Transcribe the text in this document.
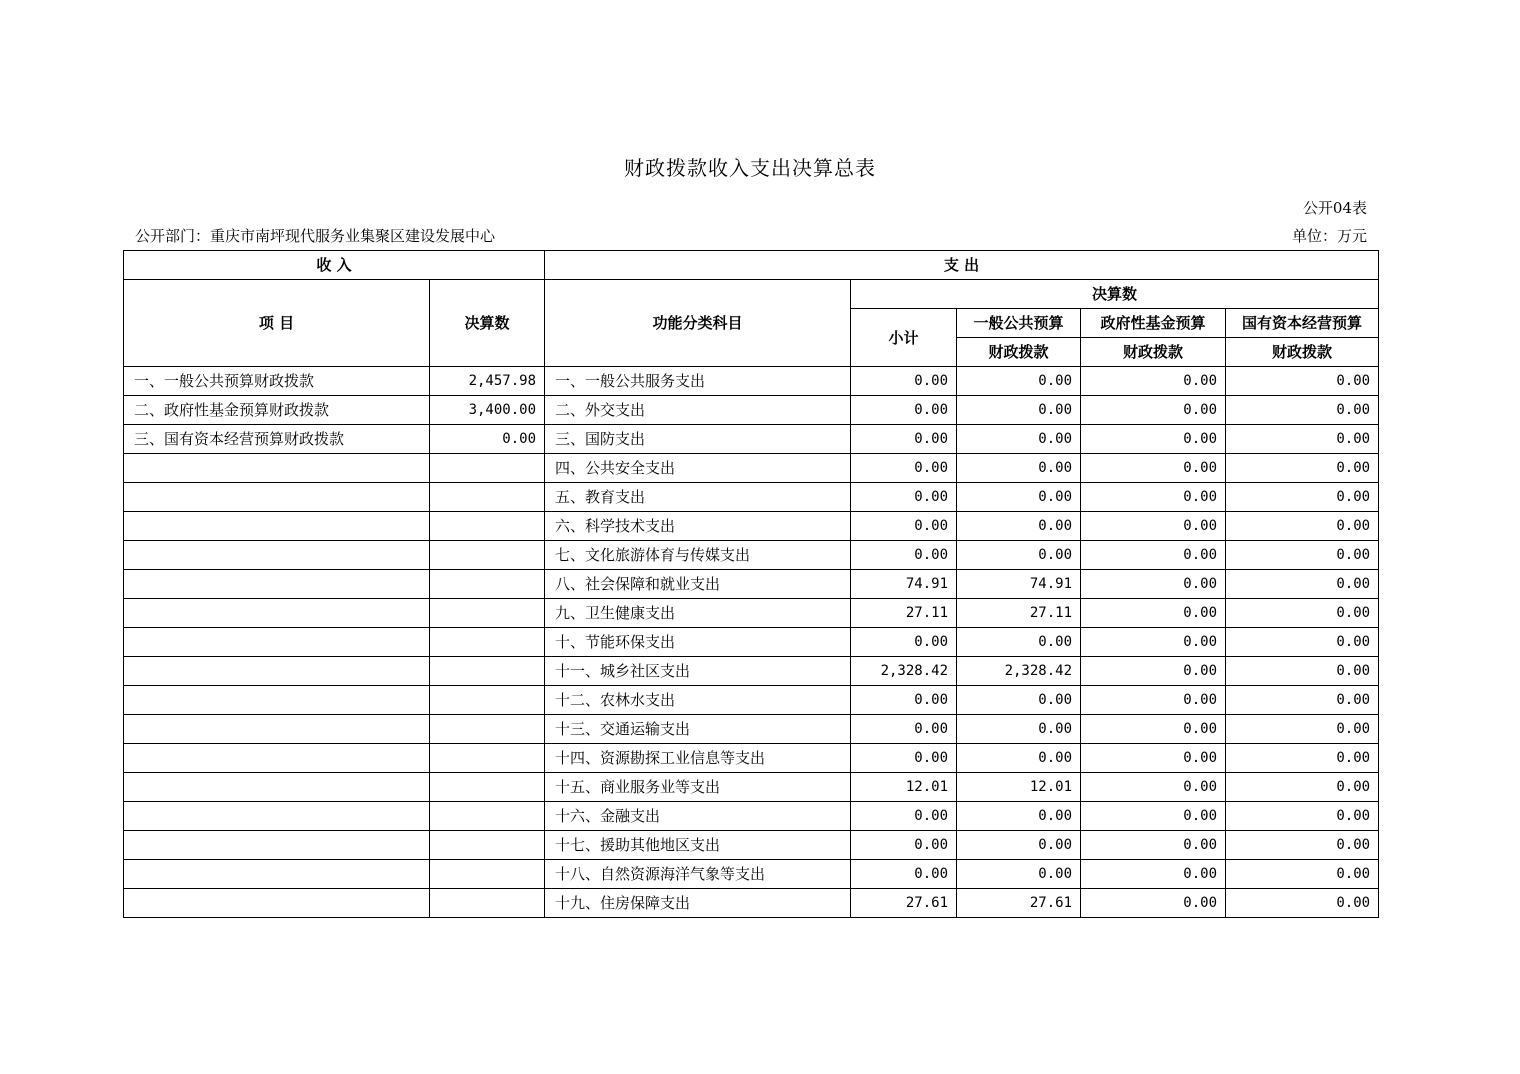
财政拨款收入支出决算总表
公开04表
公开部门：重庆市南坪现代服务业集聚区建设发展中心	单位：万元
收 入		支 出				
项 目	决算数	功能分类科目	决算数			
			小计	一般公共预算	政府性基金预算	国有资本经营预算
				财政拨款	财政拨款	财政拨款
一、一般公共预算财政拨款	2,457.98	一、一般公共服务支出	0.00	0.00	0.00	0.00
二、政府性基金预算财政拨款	3,400.00	二、外交支出	0.00	0.00	0.00	0.00
三、国有资本经营预算财政拨款	0.00	三、国防支出	0.00	0.00	0.00	0.00
		四、公共安全支出	0.00	0.00	0.00	0.00
		五、教育支出	0.00	0.00	0.00	0.00
		六、科学技术支出	0.00	0.00	0.00	0.00
		七、文化旅游体育与传媒支出	0.00	0.00	0.00	0.00
		八、社会保障和就业支出	74.91	74.91	0.00	0.00
		九、卫生健康支出	27.11	27.11	0.00	0.00
		十、节能环保支出	0.00	0.00	0.00	0.00
		十一、城乡社区支出	2,328.42	2,328.42	0.00	0.00
		十二、农林水支出	0.00	0.00	0.00	0.00
		十三、交通运输支出	0.00	0.00	0.00	0.00
		十四、资源勘探工业信息等支出	0.00	0.00	0.00	0.00
		十五、商业服务业等支出	12.01	12.01	0.00	0.00
		十六、金融支出	0.00	0.00	0.00	0.00
		十七、援助其他地区支出	0.00	0.00	0.00	0.00
		十八、自然资源海洋气象等支出	0.00	0.00	0.00	0.00
		十九、住房保障支出	27.61	27.61	0.00	0.00
